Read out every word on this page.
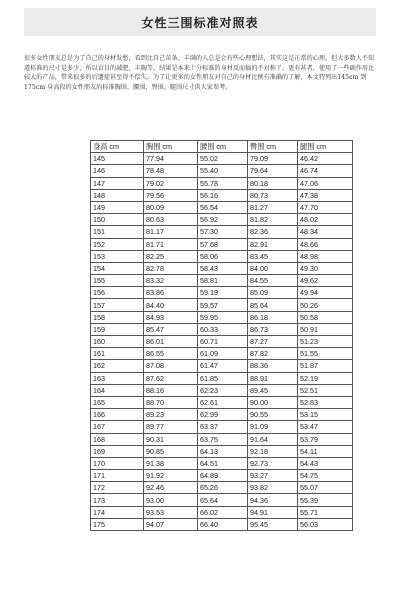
女性三围标准对照表

很多女性朋友总是为了自己的身材发愁，看到比自己苗条、丰满的人总是会有些心理想法，其实这是正常的心理，但大多数人不知道标准的尺寸是多少，所以盲目的减肥、丰胸等，结果是本来十分标准的身材反而搞的不对称了，更有甚者，使用了一些副作用比较大的产品，带来很多的后遗症甚至得不偿失。为了让更多的女性朋友对自己的身材比例有准确的了解，本文特列出145cm 到175cm 身高段的女性朋友的标准胸围、腰围、臀围、腿围尺寸供大家参考。

身高 cm	胸围 cm	腰围 cm	臀围 cm	腿围 cm
145	77.94	55.02	79.09	46.42
146	78.48	55.40	79.64	46.74
147	79.02	55.78	80.18	47.06
148	79.56	56.16	80.73	47.38
149	80.09	56.54	81.27	47.70
150	80.63	56.92	81.82	48.02
151	81.17	57.30	82.36	48.34
152	81.71	57.68	82.91	48.66
153	82.25	58.06	83.45	48.98
154	82.78	58.43	84.00	49.30
155	83.32	58.81	84.55	49.62
156	83.86	59.19	85.09	49.94
157	84.40	59.57	85.64	50.26
158	84.93	59.95	86.18	50.58
159	85.47	60.33	86.73	50.91
160	86.01	60.71	87.27	51.23
161	86.55	61.09	87.82	51.55
162	87.08	61.47	88.36	51.87
163	87.62	61.85	88.91	52.19
164	88.16	62.23	89.45	52.51
165	88.70	62.61	90.00	52.83
166	89.23	62.99	90.55	53.15
167	89.77	63.37	91.09	53.47
168	90.31	63.75	91.64	53.79
169	90.85	64.13	92.18	54.11
170	91.38	64.51	92.73	54.43
171	91.92	64.89	93.27	54.75
172	92.46	65.26	93.82	55.07
173	93.00	65.64	94.36	55.39
174	93.53	66.02	94.91	55.71
175	94.07	66.40	95.45	56.03
